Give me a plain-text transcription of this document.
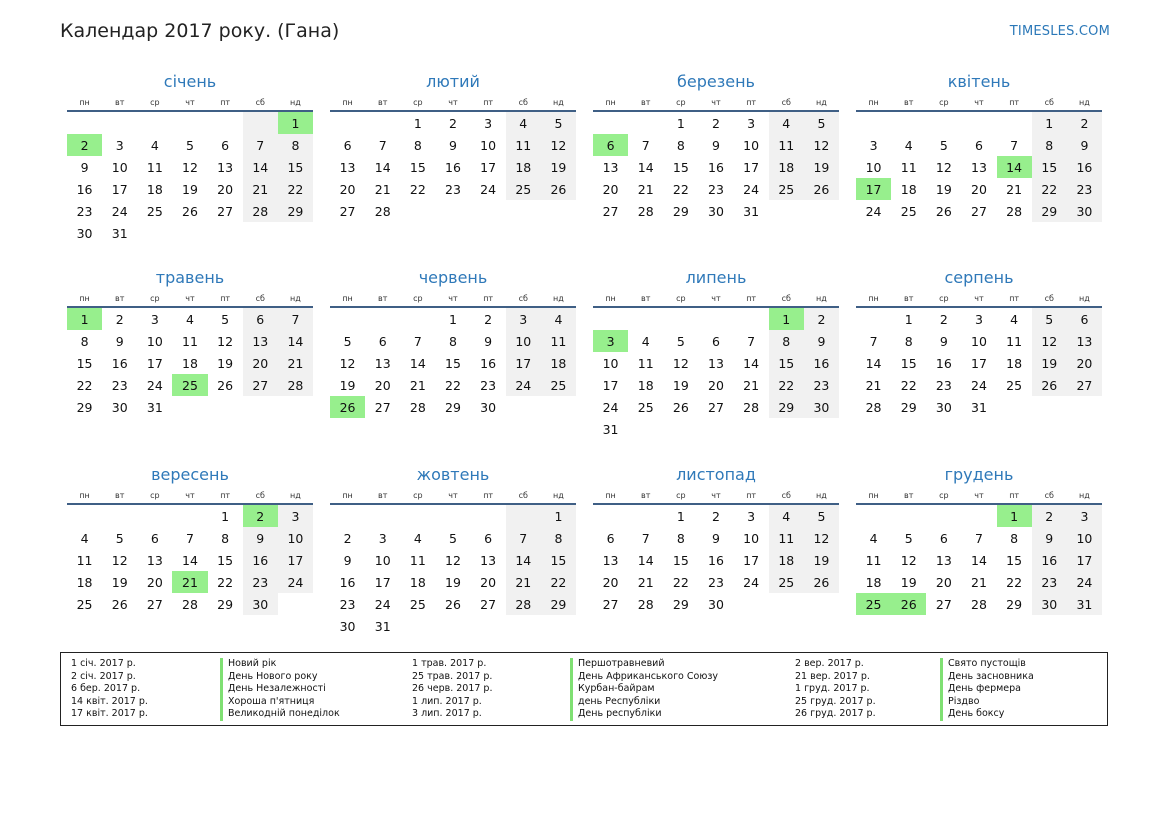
Календар 2017 року. (Гана)	TIMESLES.COM
січень
пн	вт	ср	чт	пт	сб	нд
						1
2	3	4	5	6	7	8
9	10	11	12	13	14	15
16	17	18	19	20	21	22
23	24	25	26	27	28	29
30	31					
лютий
пн	вт	ср	чт	пт	сб	нд
		1	2	3	4	5
6	7	8	9	10	11	12
13	14	15	16	17	18	19
20	21	22	23	24	25	26
27	28					
березень
пн	вт	ср	чт	пт	сб	нд
		1	2	3	4	5
6	7	8	9	10	11	12
13	14	15	16	17	18	19
20	21	22	23	24	25	26
27	28	29	30	31		
квітень
пн	вт	ср	чт	пт	сб	нд
					1	2
3	4	5	6	7	8	9
10	11	12	13	14	15	16
17	18	19	20	21	22	23
24	25	26	27	28	29	30
травень
пн	вт	ср	чт	пт	сб	нд
1	2	3	4	5	6	7
8	9	10	11	12	13	14
15	16	17	18	19	20	21
22	23	24	25	26	27	28
29	30	31				
червень
пн	вт	ср	чт	пт	сб	нд
			1	2	3	4
5	6	7	8	9	10	11
12	13	14	15	16	17	18
19	20	21	22	23	24	25
26	27	28	29	30		
липень
пн	вт	ср	чт	пт	сб	нд
					1	2
3	4	5	6	7	8	9
10	11	12	13	14	15	16
17	18	19	20	21	22	23
24	25	26	27	28	29	30
31						
серпень
пн	вт	ср	чт	пт	сб	нд
	1	2	3	4	5	6
7	8	9	10	11	12	13
14	15	16	17	18	19	20
21	22	23	24	25	26	27
28	29	30	31			
вересень
пн	вт	ср	чт	пт	сб	нд
				1	2	3
4	5	6	7	8	9	10
11	12	13	14	15	16	17
18	19	20	21	22	23	24
25	26	27	28	29	30	
жовтень
пн	вт	ср	чт	пт	сб	нд
						1
2	3	4	5	6	7	8
9	10	11	12	13	14	15
16	17	18	19	20	21	22
23	24	25	26	27	28	29
30	31					
листопад
пн	вт	ср	чт	пт	сб	нд
		1	2	3	4	5
6	7	8	9	10	11	12
13	14	15	16	17	18	19
20	21	22	23	24	25	26
27	28	29	30			
грудень
пн	вт	ср	чт	пт	сб	нд
				1	2	3
4	5	6	7	8	9	10
11	12	13	14	15	16	17
18	19	20	21	22	23	24
25	26	27	28	29	30	31
1 січ. 2017 р.	Новий рік
2 січ. 2017 р.	День Нового року
6 бер. 2017 р.	День Незалежності
14 квіт. 2017 р.	Хороша п'ятниця
17 квіт. 2017 р.	Великодній понеділок
1 трав. 2017 р.	Першотравневий
25 трав. 2017 р.	День Африканського Союзу
26 черв. 2017 р.	Курбан-байрам
1 лип. 2017 р.	день Республіки
3 лип. 2017 р.	День республіки
2 вер. 2017 р.	Свято пустощів
21 вер. 2017 р.	День засновника
1 груд. 2017 р.	День фермера
25 груд. 2017 р.	Різдво
26 груд. 2017 р.	День боксу
